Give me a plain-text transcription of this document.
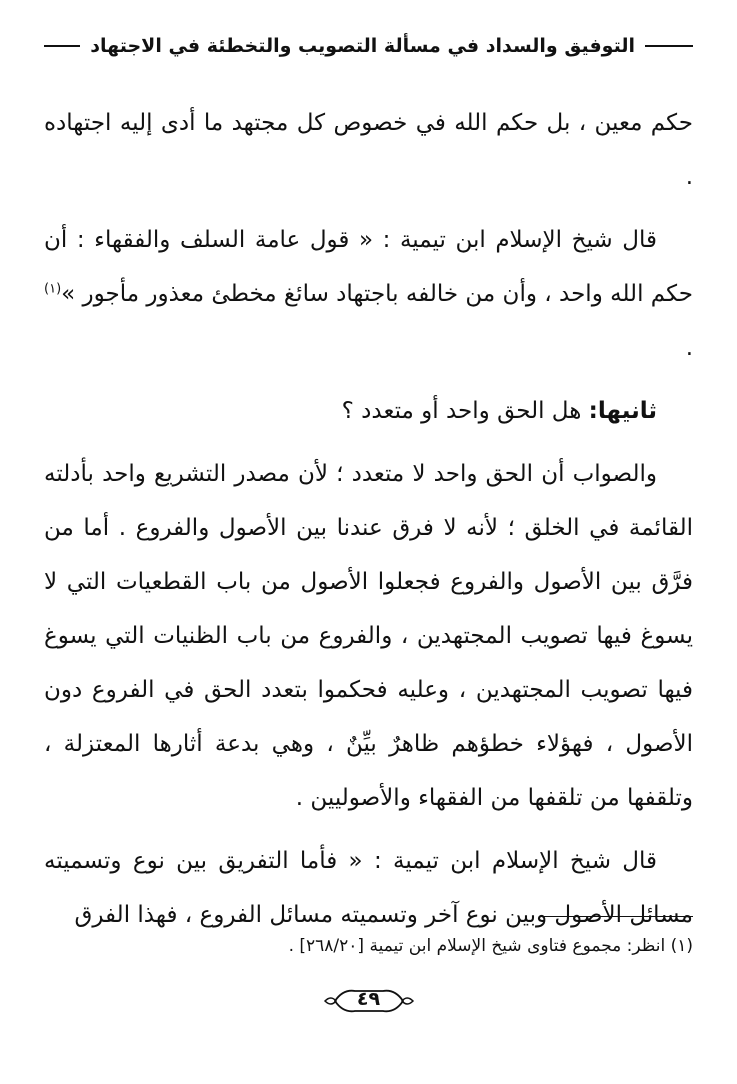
التوفيق والسداد في مسألة التصويب والتخطئة في الاجتهاد

حكم معين ، بل حكم الله في خصوص كل مجتهد ما أدى إليه اجتهاده .

قال شيخ الإسلام ابن تيمية : « قول عامة السلف والفقهاء : أن حكم الله واحد ، وأن من خالفه باجتهاد سائغ مخطئ معذور مأجور »$^{(١)}$ .

ثانيها: هل الحق واحد أو متعدد ؟

والصواب أن الحق واحد لا متعدد ؛ لأن مصدر التشريع واحد بأدلته القائمة في الخلق ؛ لأنه لا فرق عندنا بين الأصول والفروع . أما من فرَّق بين الأصول والفروع فجعلوا الأصول من باب القطعيات التي لا يسوغ فيها تصويب المجتهدين ، والفروع من باب الظنيات التي يسوغ فيها تصويب المجتهدين ، وعليه فحكموا بتعدد الحق في الفروع دون الأصول ، فهؤلاء خطؤهم ظاهرٌ بيِّنٌ ، وهي بدعة أثارها المعتزلة ، وتلقفها من تلقفها من الفقهاء والأصوليين .

قال شيخ الإسلام ابن تيمية : « فأما التفريق بين نوع وتسميته مسائل الأصول وبين نوع آخر وتسميته مسائل الفروع ، فهذا الفرق

(١) انظر: مجموع فتاوى شيخ الإسلام ابن تيمية [٢٦٨/٢٠] .
٤٩
